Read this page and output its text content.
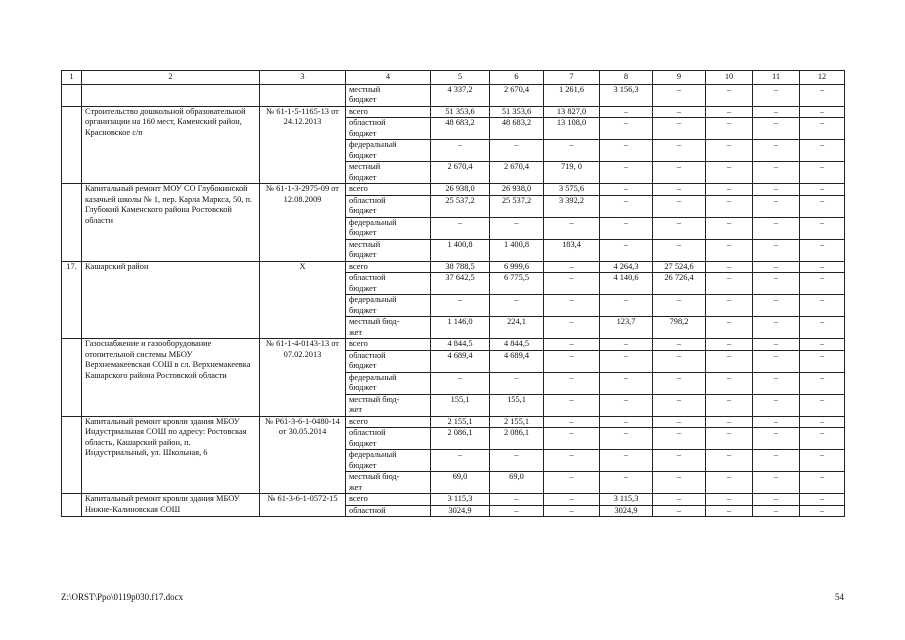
1	2	3	4	5	6	7	8	9	10	11	12
			местный
бюджет	4 337,2	2 670,4	1 261,6	3 156,3	–	–	–	–
	Строительство дошкольной образовательной организации на 160 мест, Каменский район, Красновское с/п	№ 61-1-5-1165-13 от 24.12.2013	всего	51 353,6	51 353,6	13 827,0	–	–	–	–	–
			областной
бюджет	48 683,2	48 683,2	13 108,0	–	–	–	–	–
			федеральный
бюджет	–	–	–	–	–	–	–	–
			местный
бюджет	2 670,4	2 670,4	719, 0	–	–	–	–	–
	Капитальный ремонт МОУ СО Глубокинской казачьей школы № 1, пер. Карла Маркса, 50, п. Глубокий Каменского района Ростовской области	№ 61-1-3-2975-09 от 12.08.2009	всего	26 938,0	26 938,0	3 575,6	–	–	–	–	–
			областной
бюджет	25 537,2	25 537,2	3 392,2	–	–	–	–	–
			федеральный
бюджет	–	–	–	–	–	–	–	–
			местный
бюджет	1 400,8	1 400,8	183,4	–	–	–	–	–
17.	Кашарский район	Х	всего	38 788,5	6 999,6	–	4 264,3	27 524,6	–	–	–
			областной
бюджет	37 642,5	6 775,5	–	4 140,6	26 726,4	–	–	–
			федеральный
бюджет	–	–	–	–	–	–	–	–
			местный бюд-
жет	1 146,0	224,1	–	123,7	798,2	–	–	–
	Газоснабжение и газооборудование отопительной системы МБОУ Верхнемакеевская СОШ в сл. Верхнемакеевка Кашарского района Ростовской области	№ 61-1-4-0143-13 от 07.02.2013	всего	4 844,5	4 844,5	–	–	–	–	–	–
			областной
бюджет	4 689,4	4 689,4	–	–	–	–	–	–
			федеральный
бюджет	–	–	–	–	–	–	–	–
			местный бюд-
жет	155,1	155,1	–	–	–	–	–	–
	Капитальный ремонт кровли здания МБОУ Индустриальная СОШ по адресу: Ростовская область, Кашарский район, п. Индустриальный, ул. Школьная, 6	№ Р61-3-6-1-0480-14 от 30.05.2014	всего	2 155,1	2 155,1	–	–	–	–	–	–
			областной
бюджет	2 086,1	2 086,1	–	–	–	–	–	–
			федеральный
бюджет	–	–	–	–	–	–	–	–
			местный бюд-
жет	69,0	69,0	–	–	–	–	–	–
	Капитальный ремонт кровли здания МБОУ Нижне-Калиновская СОШ	№ 61-3-6-1-0572-15	всего	3 115,3	–	–	3 115,3	–	–	–	–
			областной	3024,9	–	–	3024,9	–	–	–	–
Z:\ORST\Ppo\0119p030.f17.docx	54
